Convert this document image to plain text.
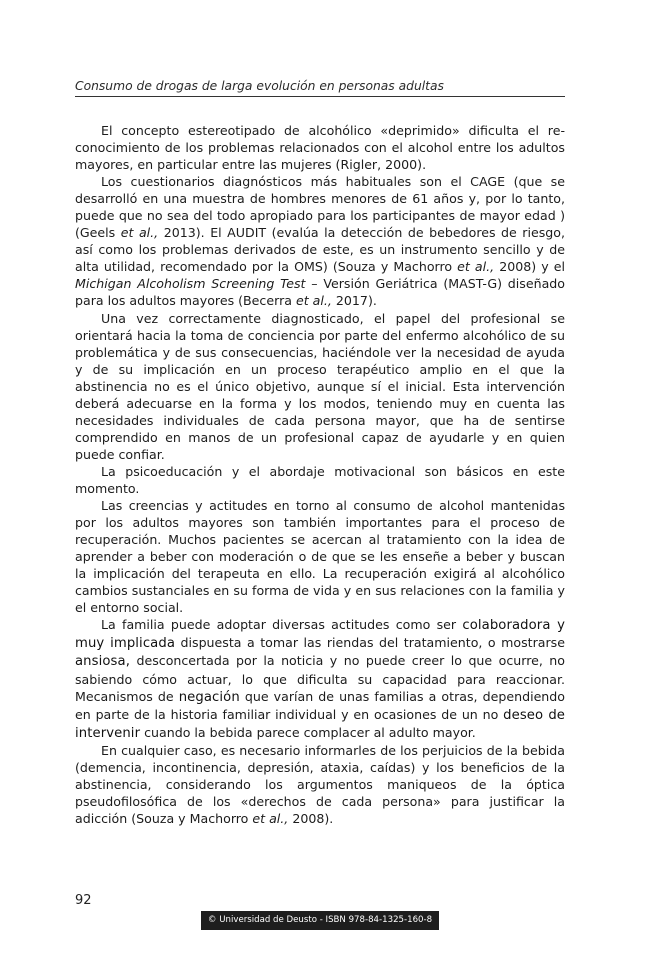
Consumo de drogas de larga evolución en personas adultas

El concepto estereotipado de alcohólico «deprimido» dificulta el reconocimiento de los problemas relacionados con el alcohol entre los adultos mayores, en particular entre las mujeres (Rigler, 2000).

Los cuestionarios diagnósticos más habituales son el CAGE (que se desarrolló en una muestra de hombres menores de 61 años y, por lo tanto, puede que no sea del todo apropiado para los participantes de mayor edad ) (Geels et al., 2013). El AUDIT (evalúa la detección de bebedores de riesgo, así como los problemas derivados de este, es un instrumento sencillo y de alta utilidad, recomendado por la OMS) (Souza y Machorro et al., 2008) y el Michigan Alcoholism Screening Test – Versión Geriátrica (MAST-G) diseñado para los adultos mayores (Becerra et al., 2017).

Una vez correctamente diagnosticado, el papel del profesional se orientará hacia la toma de conciencia por parte del enfermo alcohólico de su problemática y de sus consecuencias, haciéndole ver la necesidad de ayuda y de su implicación en un proceso terapéutico amplio en el que la abstinencia no es el único objetivo, aunque sí el inicial. Esta intervención deberá adecuarse en la forma y los modos, teniendo muy en cuenta las necesidades individuales de cada persona mayor, que ha de sentirse comprendido en manos de un profesional capaz de ayudarle y en quien puede confiar.

La psicoeducación y el abordaje motivacional son básicos en este momento.

Las creencias y actitudes en torno al consumo de alcohol mantenidas por los adultos mayores son también importantes para el proceso de recuperación. Muchos pacientes se acercan al tratamiento con la idea de aprender a beber con moderación o de que se les enseñe a beber y buscan la implicación del terapeuta en ello. La recuperación exigirá al alcohólico cambios sustanciales en su forma de vida y en sus relaciones con la familia y el entorno social.

La familia puede adoptar diversas actitudes como ser colaboradora y muy implicada dispuesta a tomar las riendas del tratamiento, o mostrarse ansiosa, desconcertada por la noticia y no puede creer lo que ocurre, no sabiendo cómo actuar, lo que dificulta su capacidad para reaccionar. Mecanismos de negación que varían de unas familias a otras, dependiendo en parte de la historia familiar individual y en ocasiones de un no deseo de intervenir cuando la bebida parece complacer al adulto mayor.

En cualquier caso, es necesario informarles de los perjuicios de la bebida (demencia, incontinencia, depresión, ataxia, caídas) y los beneficios de la abstinencia, considerando los argumentos maniqueos de la óptica pseudofilosófica de los «derechos de cada persona» para justificar la adicción (Souza y Machorro et al., 2008).

92
© Universidad de Deusto - ISBN 978-84-1325-160-8
